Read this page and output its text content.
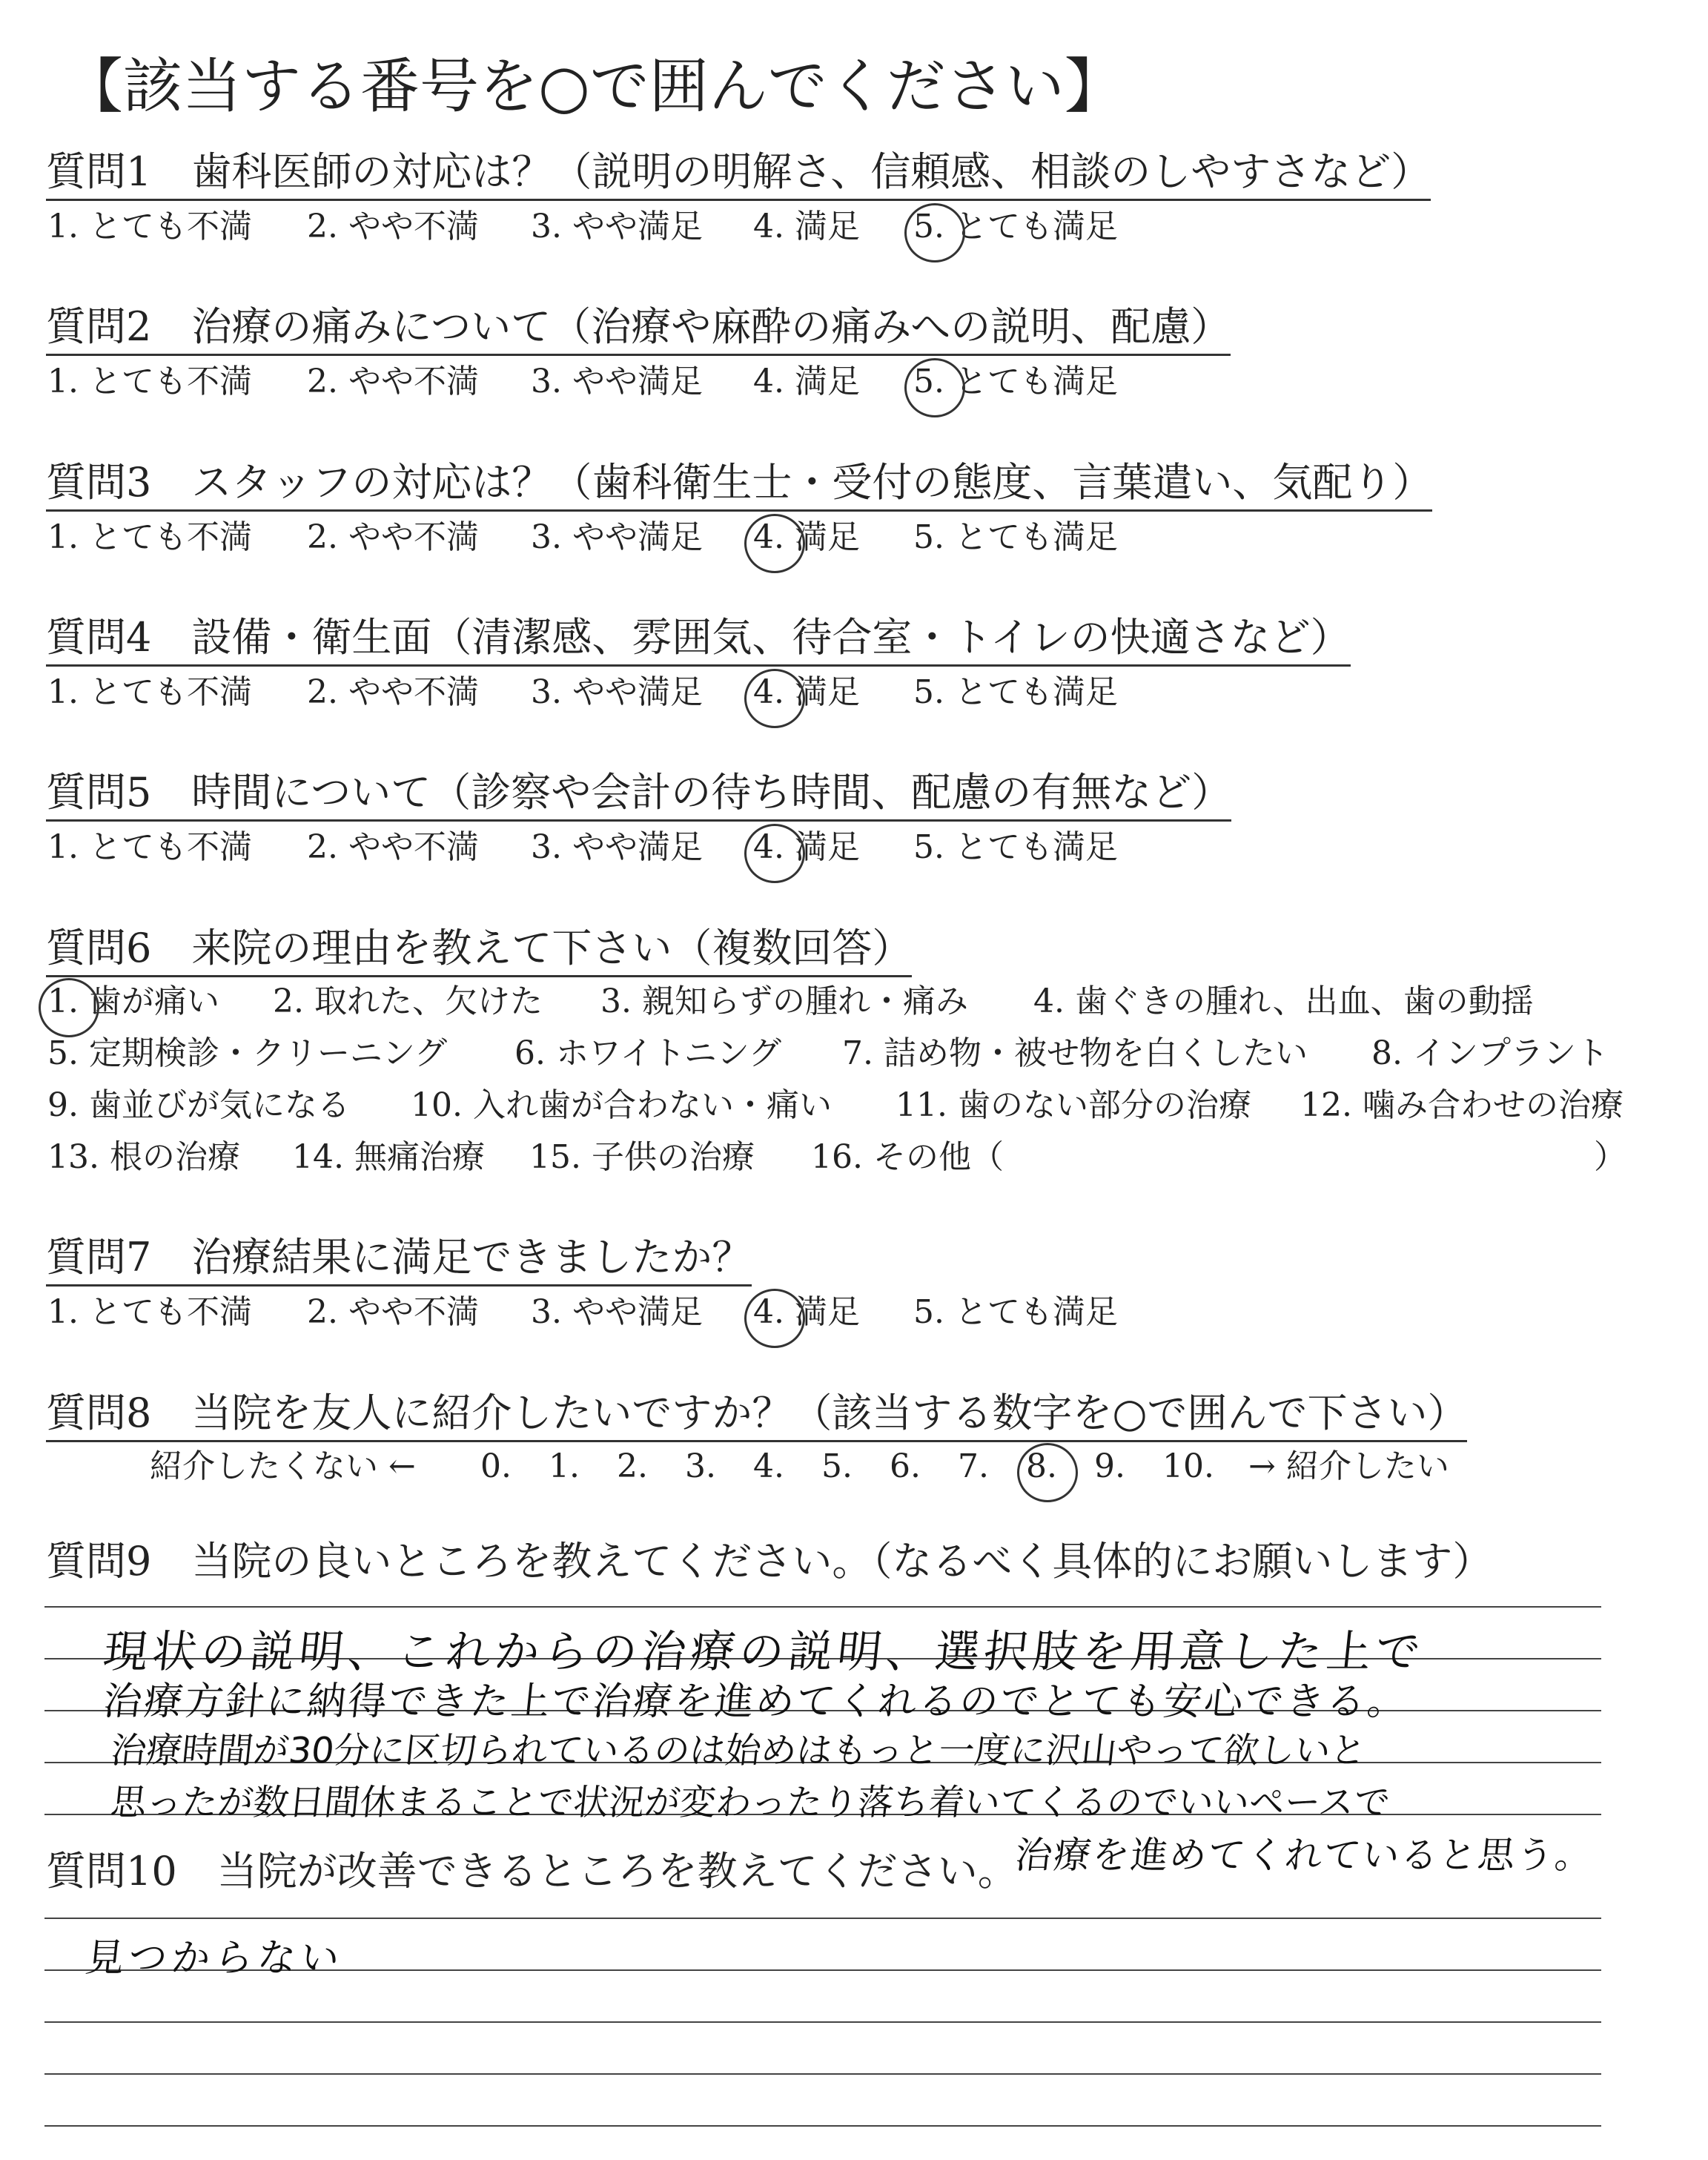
【該当する番号を○で囲んでください】
質問1　歯科医師の対応は？（説明の明解さ、信頼感、相談のしやすさなど）
1. とても不満 2. やや不満 3. やや満足 4. 満足 5. とても満足
質問2　治療の痛みについて（治療や麻酔の痛みへの説明、配慮）
1. とても不満 2. やや不満 3. やや満足 4. 満足 5. とても満足
質問3　スタッフの対応は？（歯科衛生士・受付の態度、言葉遣い、気配り）
1. とても不満 2. やや不満 3. やや満足 4. 満足 5. とても満足
質問4　設備・衛生面（清潔感、雰囲気、待合室・トイレの快適さなど）
1. とても不満 2. やや不満 3. やや満足 4. 満足 5. とても満足
質問5　時間について（診察や会計の待ち時間、配慮の有無など）
1. とても不満 2. やや不満 3. やや満足 4. 満足 5. とても満足
質問6　来院の理由を教えて下さい（複数回答）
1. 歯が痛い 2. 取れた、欠けた 3. 親知らずの腫れ・痛み 4. 歯ぐきの腫れ、出血、歯の動揺
5. 定期検診・クリーニング 6. ホワイトニング 7. 詰め物・被せ物を白くしたい 8. インプラント
9. 歯並びが気になる 10. 入れ歯が合わない・痛い 11. 歯のない部分の治療 12. 噛み合わせの治療
13. 根の治療 14. 無痛治療 15. 子供の治療 16. その他（	）
質問7　治療結果に満足できましたか？
1. とても不満 2. やや不満 3. やや満足 4. 満足 5. とても満足
質問8　当院を友人に紹介したいですか？（該当する数字を○で囲んで下さい）
紹介したくない ← 0. 1. 2. 3. 4. 5. 6. 7. 8. 9. 10. → 紹介したい
質問9　当院の良いところを教えてください。（なるべく具体的にお願いします）
現状の説明、これからの治療の説明、選択肢を用意した上で
治療方針に納得できた上で治療を進めてくれるのでとても安心できる。
治療時間が30分に区切られているのは始めはもっと一度に沢山やって欲しいと
思ったが数日間休まることで状況が変わったり落ち着いてくるのでいいペースで
治療を進めてくれていると思う。
質問10　当院が改善できるところを教えてください。
見つからない
